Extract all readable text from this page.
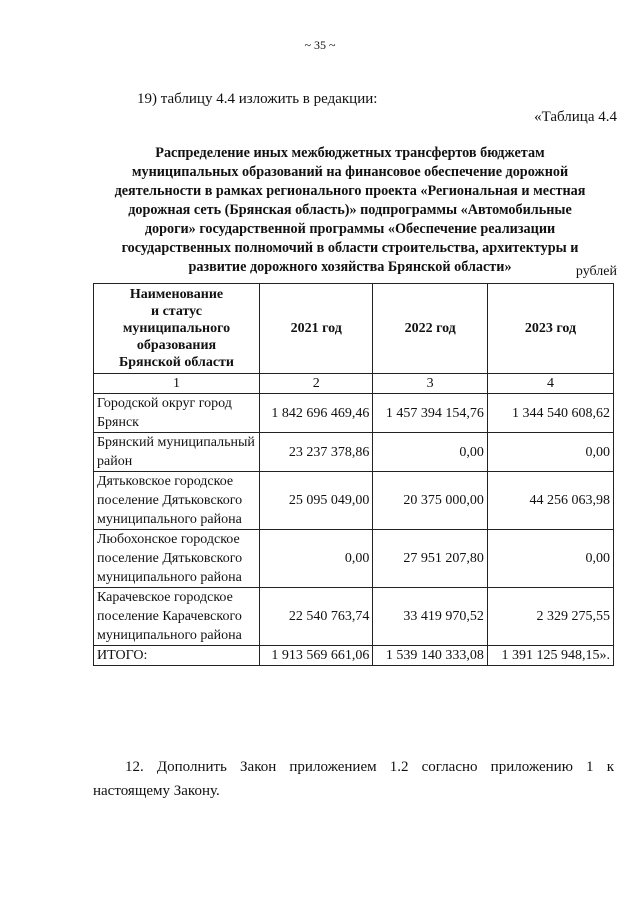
~ 35 ~
19) таблицу 4.4 изложить в редакции:
«Таблица 4.4
Распределение иных межбюджетных трансфертов бюджетам
муниципальных образований на финансовое обеспечение дорожной
деятельности в рамках регионального проекта «Региональная и местная
дорожная сеть (Брянская область)» подпрограммы «Автомобильные
дороги» государственной программы «Обеспечение реализации
государственных полномочий в области строительства, архитектуры и
развитие дорожного хозяйства Брянской области»	рублей
Наименование
и статус
муниципального
образования
Брянской области	2021 год	2022 год	2023 год
1	2	3	4
Городской округ город Брянск	1 842 696 469,46	1 457 394 154,76	1 344 540 608,62
Брянский муниципальный район	23 237 378,86	0,00	0,00
Дятьковское городское поселение Дятьковского муниципального района	25 095 049,00	20 375 000,00	44 256 063,98
Любохонское городское поселение Дятьковского муниципального района	0,00	27 951 207,80	0,00
Карачевское городское поселение Карачевского муниципального района	22 540 763,74	33 419 970,52	2 329 275,55
ИТОГО:	1 913 569 661,06	1 539 140 333,08	1 391 125 948,15».
12. Дополнить Закон приложением 1.2 согласно приложению 1 к
настоящему Закону.
